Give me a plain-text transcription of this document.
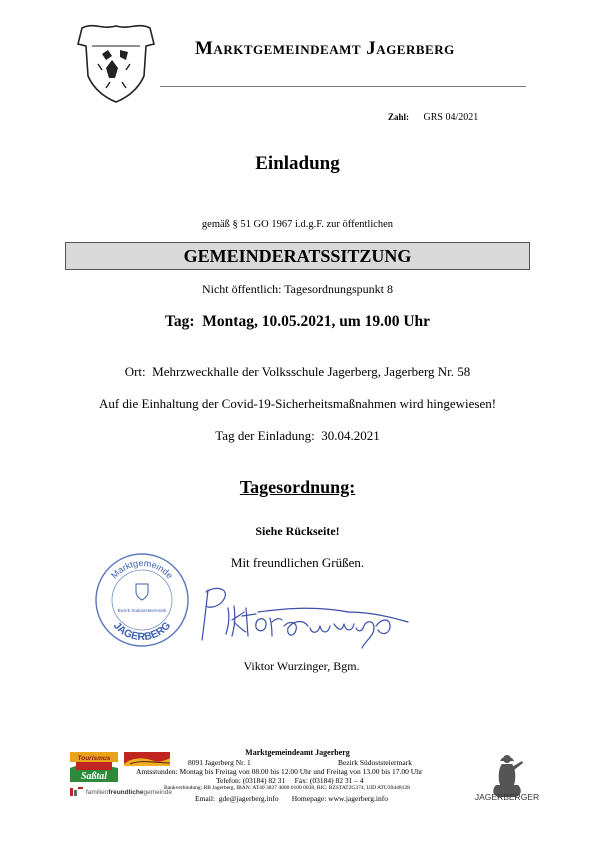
Marktgemeindeamt Jagerberg
Zahl: GRS 04/2021
Einladung
gemäß § 51 GO 1967 i.d.g.F. zur öffentlichen
GEMEINDERATSSITZUNG
Nicht öffentlich: Tagesordnungspunkt 8
Tag:  Montag, 10.05.2021, um 19.00 Uhr
Ort:  Mehrzweckhalle der Volksschule Jagerberg, Jagerberg Nr. 58
Auf die Einhaltung der Covid-19-Sicherheitsmaßnahmen wird hingewiesen!
Tag der Einladung:  30.04.2021
Tagesordnung:
Siehe Rückseite!
Mit freundlichen Grüßen.
Marktgemeinde
JAGERBERG
Bezirk Südoststeiermark
Viktor Wurzinger, Bgm.
Marktgemeindeamt Jagerberg
8091 Jagerberg Nr. 1	Bezirk Südoststeiermark
Amtsstunden: Montag bis Freitag von 08.00 bis 12.00 Uhr und Freitag von 13.00 bis 17.00 Uhr
Telefon: (03184) 82 31     Fax: (03184) 82 31 – 4
Bankverbindung: RB Jagerberg, IBAN: AT40 3837 4000 0100 0038, BIC: RZSTAT2G374, UID ATU39448128
Email:  gde@jagerberg.info       Homepage: www.jagerberg.info
Tourismus
Saßtal
familienfreundlichegemeinde	JAGERBERGER
